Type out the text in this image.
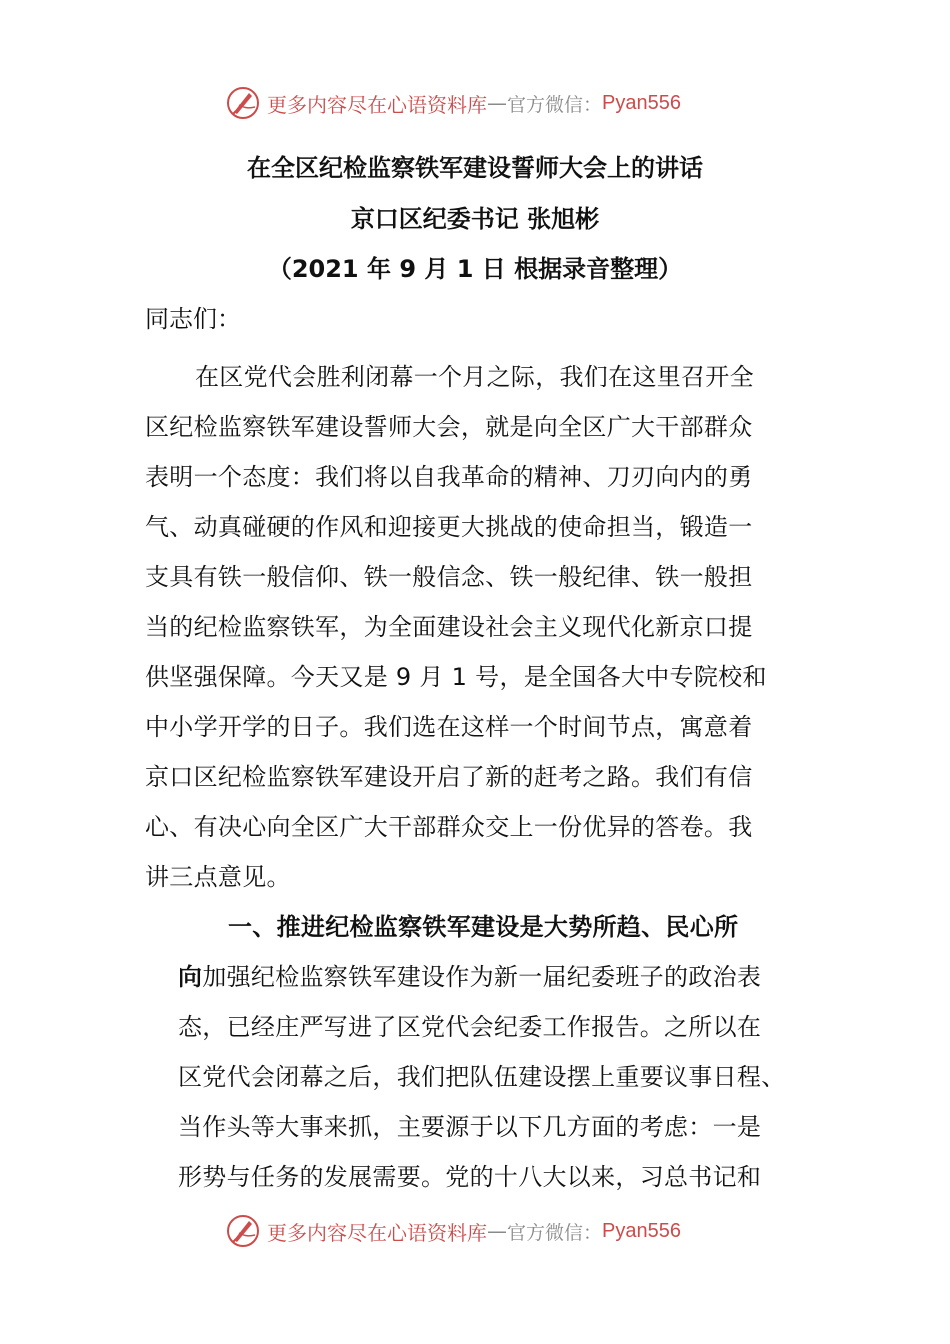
更多内容尽在心语资料库 — 官方微信： Pyan556
在全区纪检监察铁军建设誓师大会上的讲话
京口区纪委书记 张旭彬
（2021 年 9 月 1 日 根据录音整理）
同志们：
在区党代会胜利闭幕一个月之际，我们在这里召开全
区纪检监察铁军建设誓师大会，就是向全区广大干部群众
表明一个态度：我们将以自我革命的精神、刀刃向内的勇
气、动真碰硬的作风和迎接更大挑战的使命担当，锻造一
支具有铁一般信仰、铁一般信念、铁一般纪律、铁一般担
当的纪检监察铁军，为全面建设社会主义现代化新京口提
供坚强保障。今天又是 9 月 1 号，是全国各大中专院校和
中小学开学的日子。我们选在这样一个时间节点，寓意着
京口区纪检监察铁军建设开启了新的赶考之路。我们有信
心、有决心向全区广大干部群众交上一份优异的答卷。我
讲三点意见。
一、推进纪检监察铁军建设是大势所趋、民心所
向加强纪检监察铁军建设作为新一届纪委班子的政治表
态，已经庄严写进了区党代会纪委工作报告。之所以在
区党代会闭幕之后，我们把队伍建设摆上重要议事日程、
当作头等大事来抓，主要源于以下几方面的考虑：一是
形势与任务的发展需要。党的十八大以来，习总书记和
更多内容尽在心语资料库 — 官方微信： Pyan556
